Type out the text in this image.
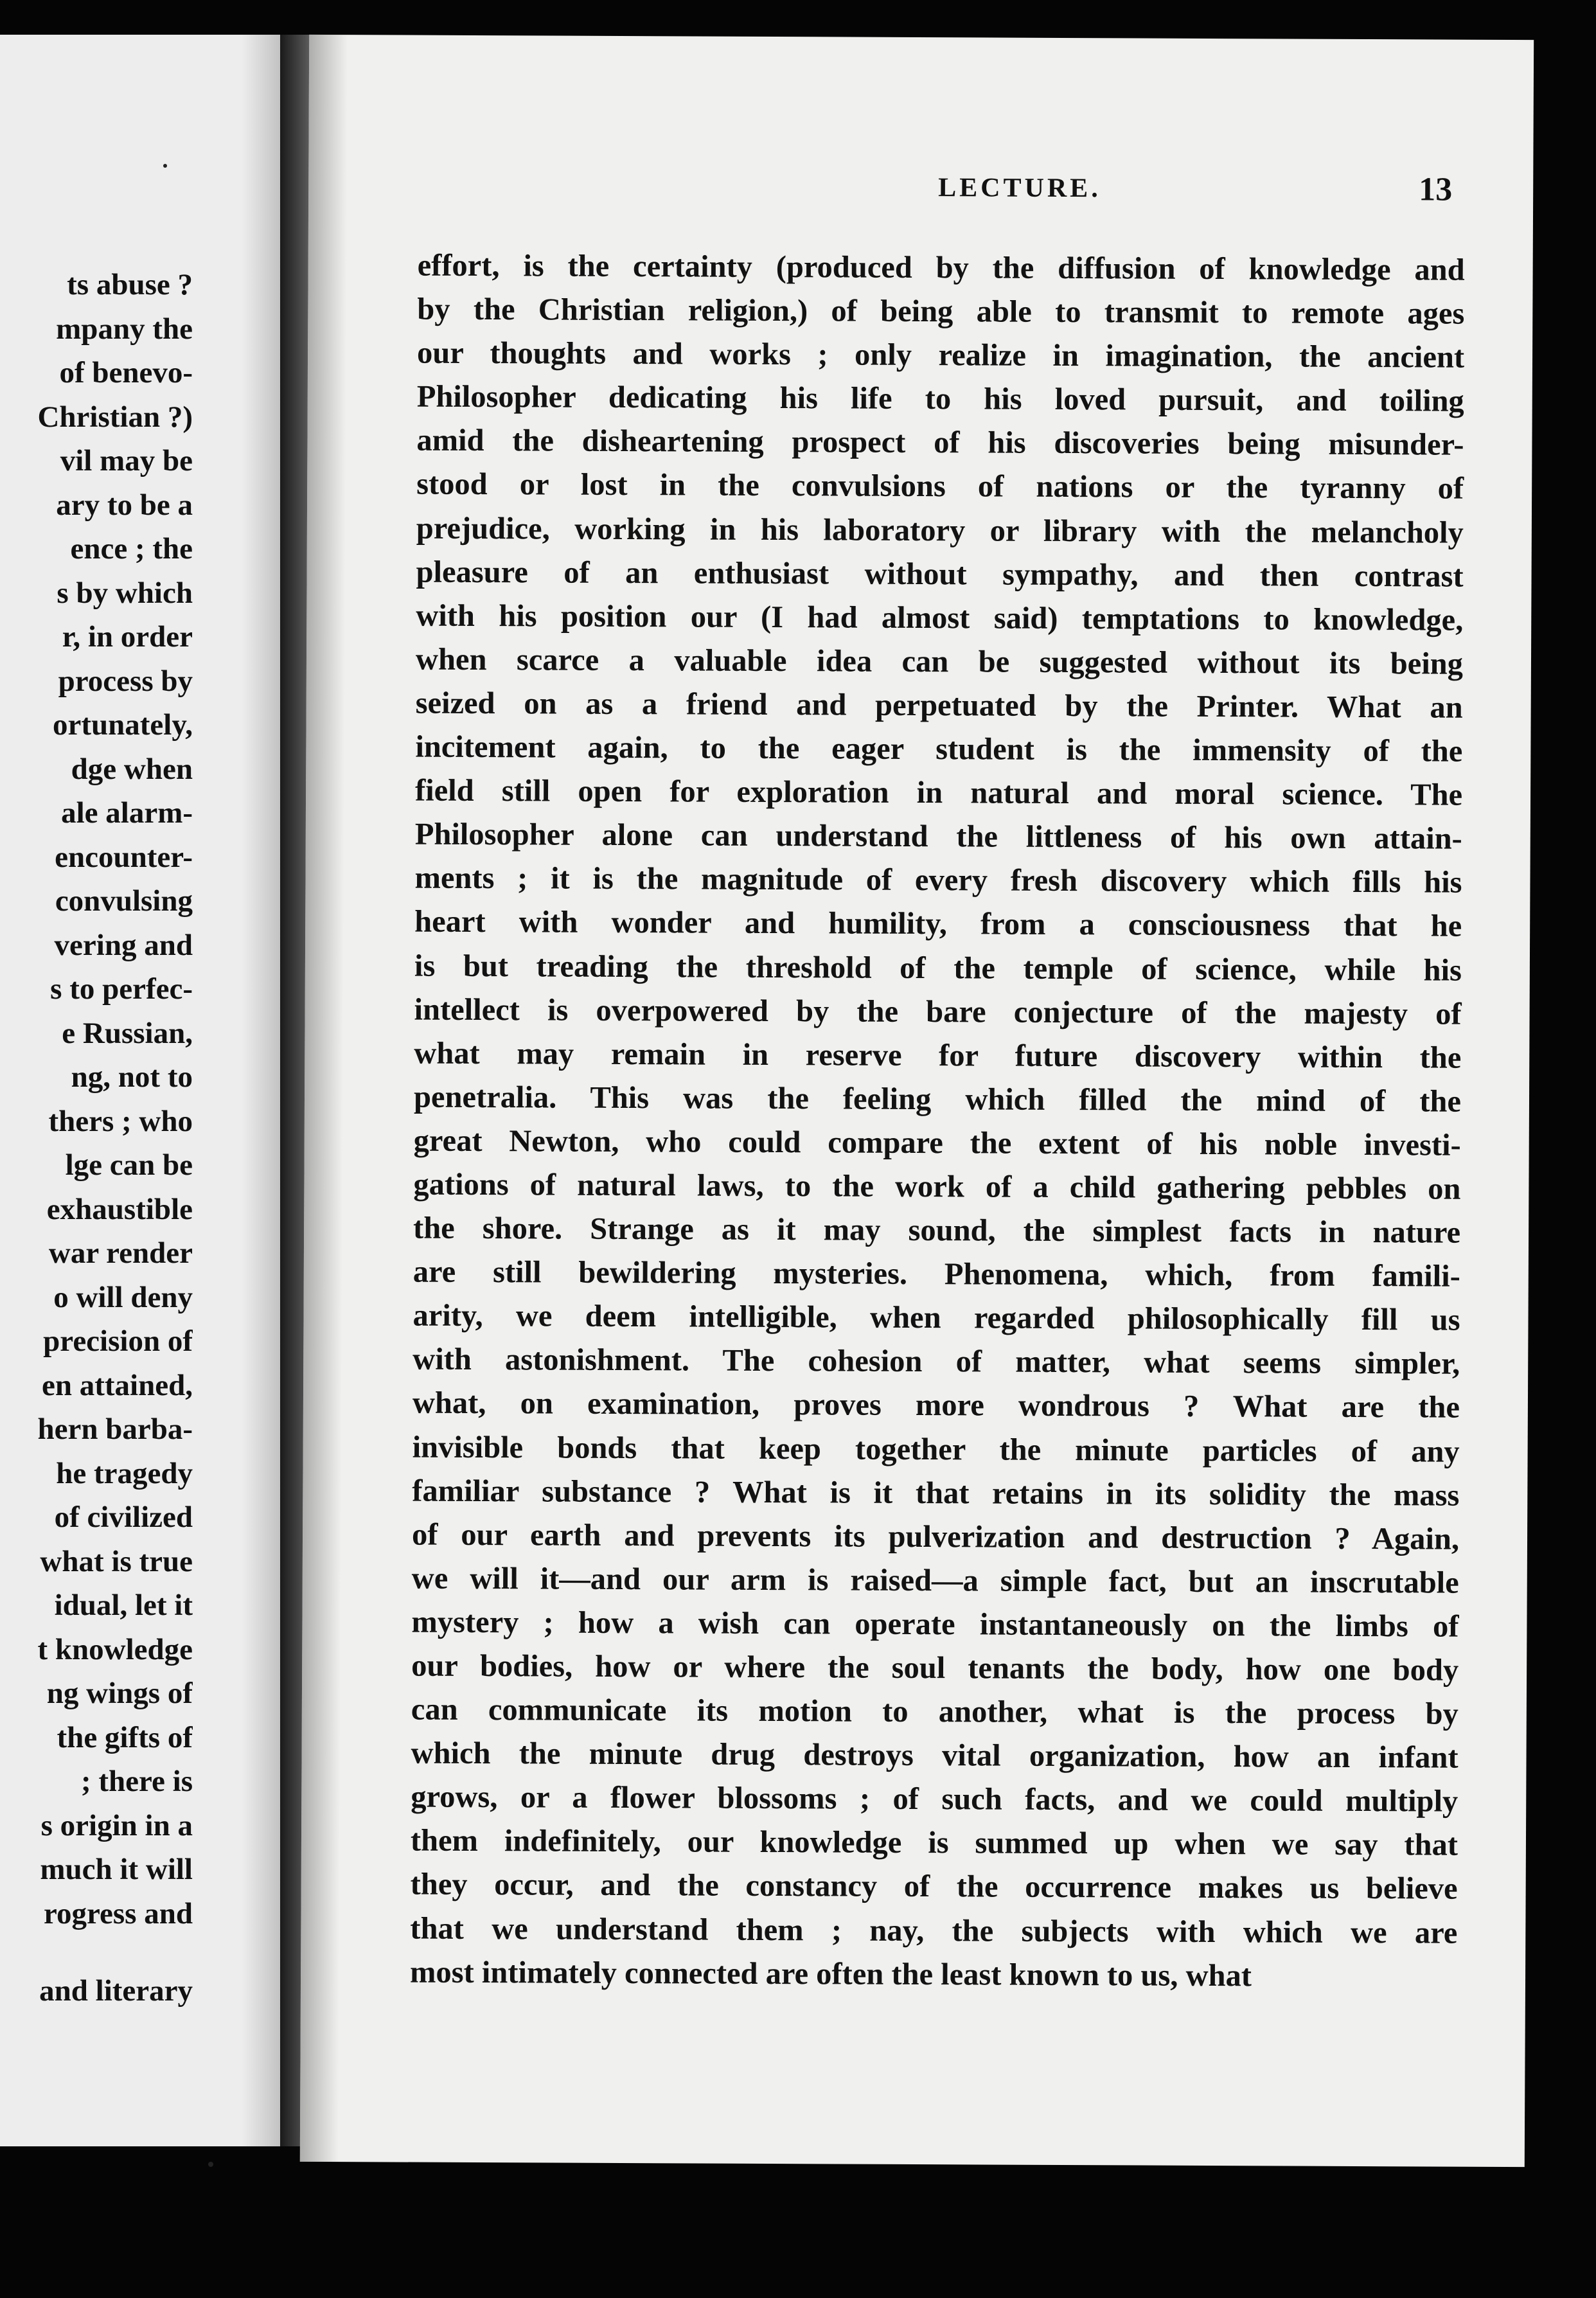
ts abuse ?
mpany the
of benevo-
Christian ?)
vil may be
ary to be a
ence ; the
s by which
r, in order
process by
ortunately,
dge when
ale alarm-
encounter-
convulsing
vering and
s to perfec-
e Russian,
ng, not to
thers ; who
lge can be
exhaustible
war render
o will deny
precision of
en attained,
hern barba-
he tragedy
of civilized
what is true
idual, let it
t knowledge
ng wings of
the gifts of
; there is
s origin in a
much it will
rogress and
and literary
LECTURE.	13
effort, is the certainty (produced by the diffusion of knowledge and
by the Christian religion,) of being able to transmit to remote ages
our thoughts and works ; only realize in imagination, the ancient
Philosopher dedicating his life to his loved pursuit, and toiling
amid the disheartening prospect of his discoveries being misunder-
stood or lost in the convulsions of nations or the tyranny of
prejudice, working in his laboratory or library with the melancholy
pleasure of an enthusiast without sympathy, and then contrast
with his position our (I had almost said) temptations to knowledge,
when scarce a valuable idea can be suggested without its being
seized on as a friend and perpetuated by the Printer. What an
incitement again, to the eager student is the immensity of the
field still open for exploration in natural and moral science. The
Philosopher alone can understand the littleness of his own attain-
ments ; it is the magnitude of every fresh discovery which fills his
heart with wonder and humility, from a consciousness that he
is but treading the threshold of the temple of science, while his
intellect is overpowered by the bare conjecture of the majesty of
what may remain in reserve for future discovery within the
penetralia. This was the feeling which filled the mind of the
great Newton, who could compare the extent of his noble investi-
gations of natural laws, to the work of a child gathering pebbles on
the shore. Strange as it may sound, the simplest facts in nature
are still bewildering mysteries. Phenomena, which, from famili-
arity, we deem intelligible, when regarded philosophically fill us
with astonishment. The cohesion of matter, what seems simpler,
what, on examination, proves more wondrous ? What are the
invisible bonds that keep together the minute particles of any
familiar substance ? What is it that retains in its solidity the mass
of our earth and prevents its pulverization and destruction ? Again,
we will it—and our arm is raised—a simple fact, but an inscrutable
mystery ; how a wish can operate instantaneously on the limbs of
our bodies, how or where the soul tenants the body, how one body
can communicate its motion to another, what is the process by
which the minute drug destroys vital organization, how an infant
grows, or a flower blossoms ; of such facts, and we could multiply
them indefinitely, our knowledge is summed up when we say that
they occur, and the constancy of the occurrence makes us believe
that we understand them ; nay, the subjects with which we are
most intimately connected are often the least known to us, what
